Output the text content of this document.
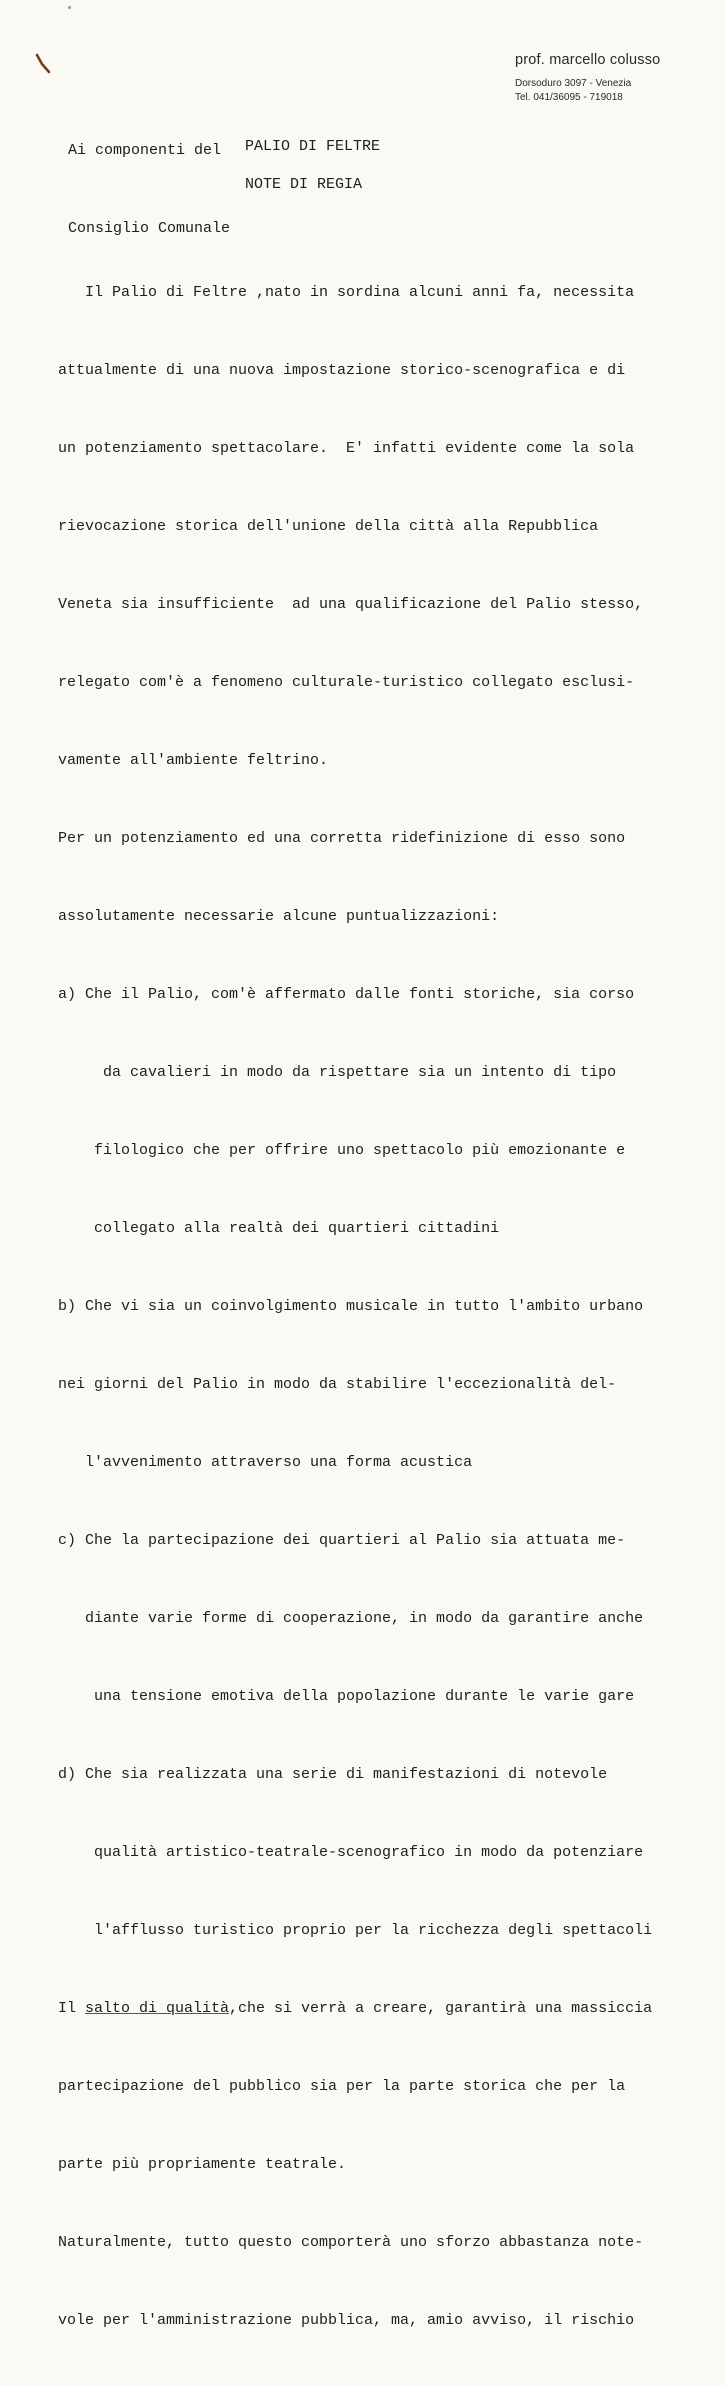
prof. marcello colusso
Dorsoduro 3097 - Venezia
Tel. 041/36095 - 719018

Ai componenti del

Consiglio Comunale

PALIO DI FELTRE
NOTE DI REGIA

Il Palio di Feltre ,nato in sordina alcuni anni fa, necessita

attualmente di una nuova impostazione storico-scenografica e di

un potenziamento spettacolare.  E' infatti evidente come la sola

rievocazione storica dell'unione della città alla Repubblica

Veneta sia insufficiente  ad una qualificazione del Palio stesso,

relegato com'è a fenomeno culturale-turistico collegato esclusi-

vamente all'ambiente feltrino.

Per un potenziamento ed una corretta ridefinizione di esso sono

assolutamente necessarie alcune puntualizzazioni:

a) Che il Palio, com'è affermato dalle fonti storiche, sia corso

da cavalieri in modo da rispettare sia un intento di tipo

filologico che per offrire uno spettacolo più emozionante e

collegato alla realtà dei quartieri cittadini

b) Che vi sia un coinvolgimento musicale in tutto l'ambito urbano

nei giorni del Palio in modo da stabilire l'eccezionalità del-

l'avvenimento attraverso una forma acustica

c) Che la partecipazione dei quartieri al Palio sia attuata me-

diante varie forme di cooperazione, in modo da garantire anche

una tensione emotiva della popolazione durante le varie gare

d) Che sia realizzata una serie di manifestazioni di notevole

qualità artistico-teatrale-scenografico in modo da potenziare

l'afflusso turistico proprio per la ricchezza degli spettacoli

Il salto di qualità,che si verrà a creare, garantirà una massiccia

partecipazione del pubblico sia per la parte storica che per la

parte più propriamente teatrale.

Naturalmente, tutto questo comporterà uno sforzo abbastanza note-

vole per l'amministrazione pubblica, ma, amio avviso, il rischio
